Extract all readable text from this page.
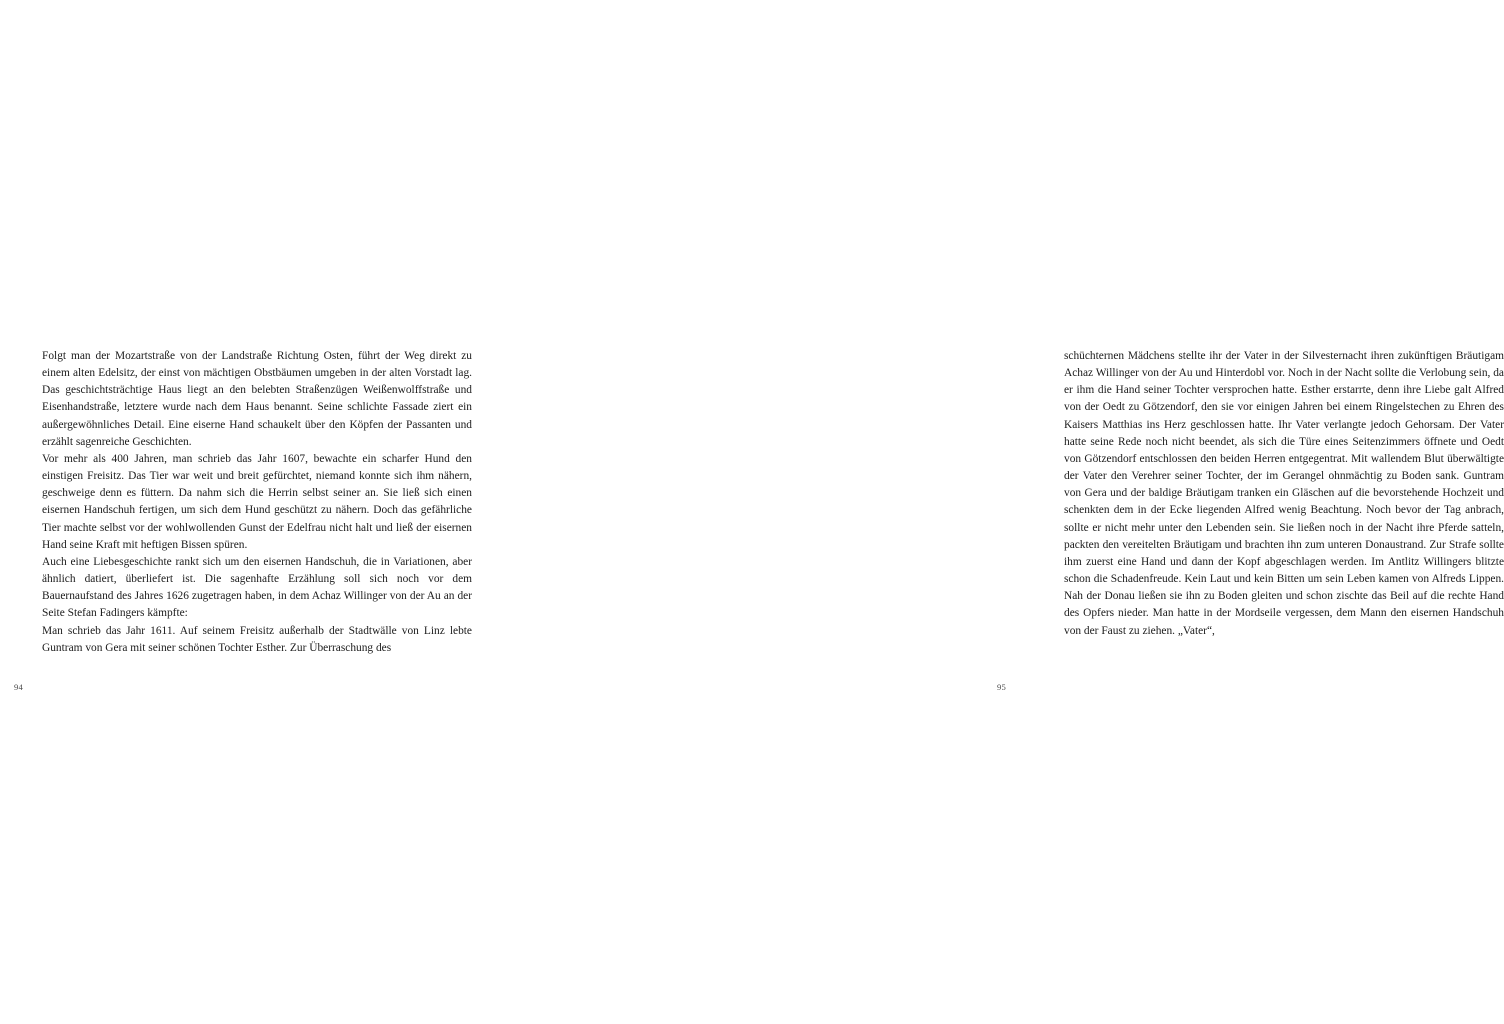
Folgt man der Mozartstraße von der Landstraße Richtung Osten, führt der Weg direkt zu einem alten Edelsitz, der einst von mächtigen Obstbäumen umgeben in der alten Vorstadt lag. Das geschichtsträchtige Haus liegt an den belebten Straßenzügen Weißenwolffstraße und Eisenhandstraße, letztere wurde nach dem Haus benannt. Seine schlichte Fassade ziert ein außergewöhnliches Detail. Eine eiserne Hand schaukelt über den Köpfen der Passanten und erzählt sagenreiche Geschichten.

Vor mehr als 400 Jahren, man schrieb das Jahr 1607, bewachte ein scharfer Hund den einstigen Freisitz. Das Tier war weit und breit gefürchtet, niemand konnte sich ihm nähern, geschweige denn es füttern. Da nahm sich die Herrin selbst seiner an. Sie ließ sich einen eisernen Handschuh fertigen, um sich dem Hund geschützt zu nähern. Doch das gefährliche Tier machte selbst vor der wohlwollenden Gunst der Edelfrau nicht halt und ließ der eisernen Hand seine Kraft mit heftigen Bissen spüren.

Auch eine Liebesgeschichte rankt sich um den eisernen Handschuh, die in Variationen, aber ähnlich datiert, überliefert ist. Die sagenhafte Erzählung soll sich noch vor dem Bauernaufstand des Jahres 1626 zugetragen haben, in dem Achaz Willinger von der Au an der Seite Stefan Fadingers kämpfte:

Man schrieb das Jahr 1611. Auf seinem Freisitz außerhalb der Stadtwälle von Linz lebte Guntram von Gera mit seiner schönen Tochter Esther. Zur Überraschung des

94

schüchternen Mädchens stellte ihr der Vater in der Silvesternacht ihren zukünftigen Bräutigam Achaz Willinger von der Au und Hinterdobl vor. Noch in der Nacht sollte die Verlobung sein, da er ihm die Hand seiner Tochter versprochen hatte. Esther erstarrte, denn ihre Liebe galt Alfred von der Oedt zu Götzendorf, den sie vor einigen Jahren bei einem Ringelstechen zu Ehren des Kaisers Matthias ins Herz geschlossen hatte. Ihr Vater verlangte jedoch Gehorsam. Der Vater hatte seine Rede noch nicht beendet, als sich die Türe eines Seitenzimmers öffnete und Oedt von Götzendorf entschlossen den beiden Herren entgegentrat. Mit wallendem Blut überwältigte der Vater den Verehrer seiner Tochter, der im Gerangel ohnmächtig zu Boden sank. Guntram von Gera und der baldige Bräutigam tranken ein Gläschen auf die bevorstehende Hochzeit und schenkten dem in der Ecke liegenden Alfred wenig Beachtung. Noch bevor der Tag anbrach, sollte er nicht mehr unter den Lebenden sein. Sie ließen noch in der Nacht ihre Pferde satteln, packten den vereitelten Bräutigam und brachten ihn zum unteren Donaustrand. Zur Strafe sollte ihm zuerst eine Hand und dann der Kopf abgeschlagen werden. Im Antlitz Willingers blitzte schon die Schadenfreude. Kein Laut und kein Bitten um sein Leben kamen von Alfreds Lippen. Nah der Donau ließen sie ihn zu Boden gleiten und schon zischte das Beil auf die rechte Hand des Opfers nieder. Man hatte in der Mordseile vergessen, dem Mann den eisernen Handschuh von der Faust zu ziehen. „Vater“,

95
